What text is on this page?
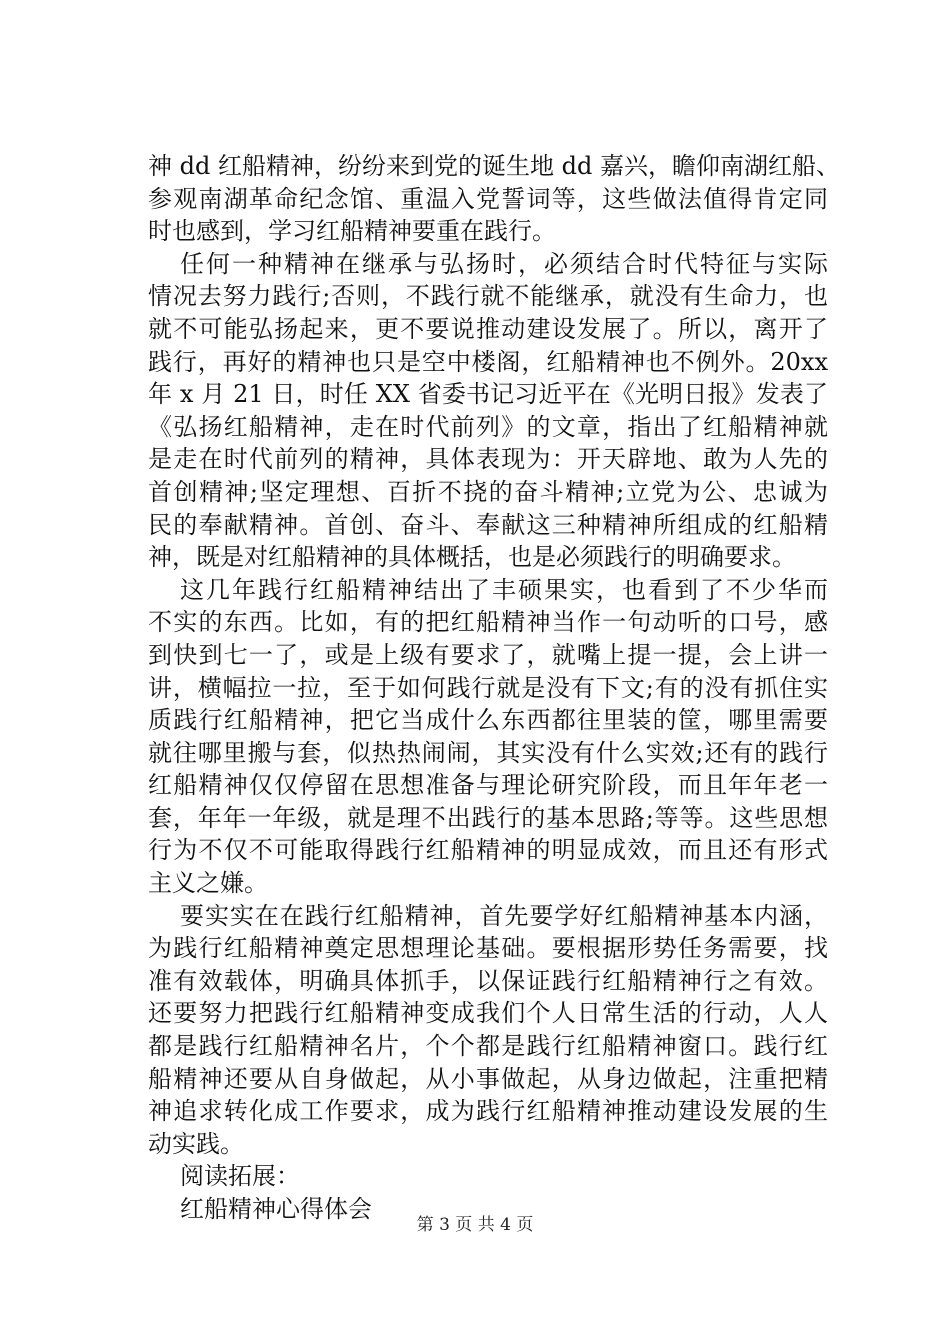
神 dd 红船精神，纷纷来到党的诞生地 dd 嘉兴，瞻仰南湖红船、
参观南湖革命纪念馆、重温入党誓词等，这些做法值得肯定同
时也感到，学习红船精神要重在践行。
任何一种精神在继承与弘扬时，必须结合时代特征与实际
情况去努力践行;否则，不践行就不能继承，就没有生命力，也
就不可能弘扬起来，更不要说推动建设发展了。所以，离开了
践行，再好的精神也只是空中楼阁，红船精神也不例外。20xx
年 x 月 21 日，时任 XX 省委书记习近平在《光明日报》发表了
《弘扬红船精神，走在时代前列》的文章，指出了红船精神就
是走在时代前列的精神，具体表现为：开天辟地、敢为人先的
首创精神;坚定理想、百折不挠的奋斗精神;立党为公、忠诚为
民的奉献精神。首创、奋斗、奉献这三种精神所组成的红船精
神，既是对红船精神的具体概括，也是必须践行的明确要求。
这几年践行红船精神结出了丰硕果实，也看到了不少华而
不实的东西。比如，有的把红船精神当作一句动听的口号，感
到快到七一了，或是上级有要求了，就嘴上提一提，会上讲一
讲，横幅拉一拉，至于如何践行就是没有下文;有的没有抓住实
质践行红船精神，把它当成什么东西都往里装的筐，哪里需要
就往哪里搬与套，似热热闹闹，其实没有什么实效;还有的践行
红船精神仅仅停留在思想准备与理论研究阶段，而且年年老一
套，年年一年级，就是理不出践行的基本思路;等等。这些思想
行为不仅不可能取得践行红船精神的明显成效，而且还有形式
主义之嫌。
要实实在在践行红船精神，首先要学好红船精神基本内涵，
为践行红船精神奠定思想理论基础。要根据形势任务需要，找
准有效载体，明确具体抓手，以保证践行红船精神行之有效。
还要努力把践行红船精神变成我们个人日常生活的行动，人人
都是践行红船精神名片，个个都是践行红船精神窗口。践行红
船精神还要从自身做起，从小事做起，从身边做起，注重把精
神追求转化成工作要求，成为践行红船精神推动建设发展的生
动实践。
阅读拓展：
红船精神心得体会
第 3 页 共 4 页
